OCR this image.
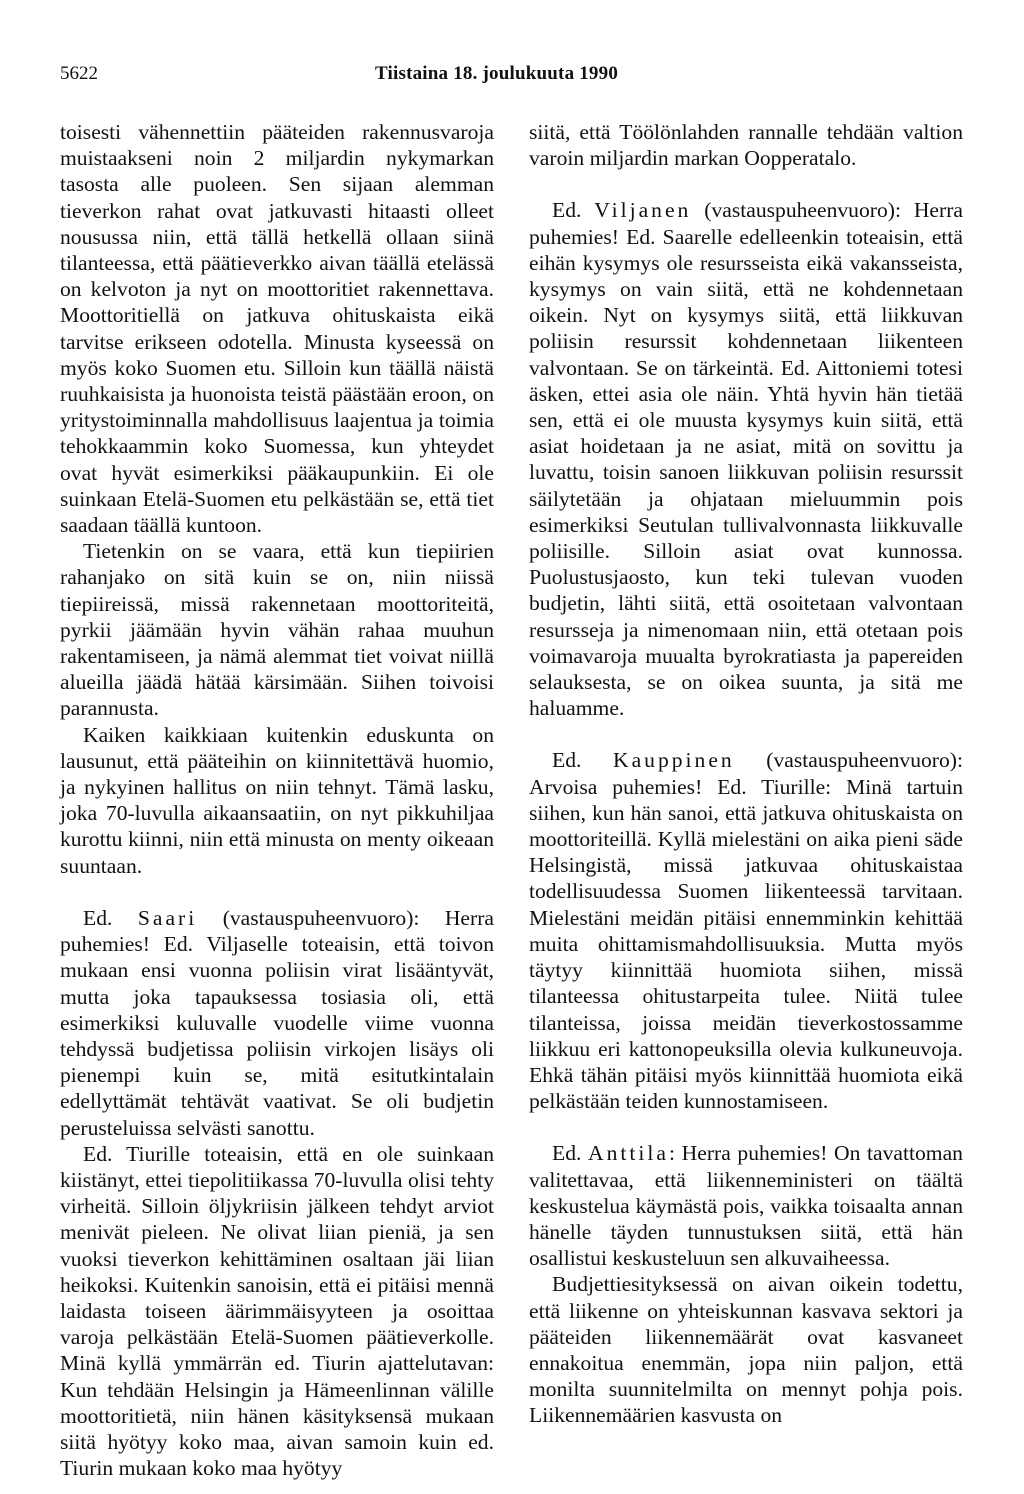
5622	Tiistaina 18. joulukuuta 1990

toisesti vähennettiin pääteiden rakennusvaroja muistaakseni noin 2 miljardin nykymarkan tasosta alle puoleen. Sen sijaan alemman tieverkon rahat ovat jatkuvasti hitaasti olleet nousussa niin, että tällä hetkellä ollaan siinä tilanteessa, että päätieverkko aivan täällä etelässä on kelvoton ja nyt on moottoritiet rakennettava. Moottoritiellä on jatkuva ohituskaista eikä tarvitse erikseen odotella. Minusta kyseessä on myös koko Suomen etu. Silloin kun täällä näistä ruuhkaisista ja huonoista teistä päästään eroon, on yritystoiminnalla mahdollisuus laajentua ja toimia tehokkaammin koko Suomessa, kun yhteydet ovat hyvät esimerkiksi pääkaupunkiin. Ei ole suinkaan Etelä-Suomen etu pelkästään se, että tiet saadaan täällä kuntoon.

Tietenkin on se vaara, että kun tiepiirien rahanjako on sitä kuin se on, niin niissä tiepiireissä, missä rakennetaan moottoriteitä, pyrkii jäämään hyvin vähän rahaa muuhun rakentamiseen, ja nämä alemmat tiet voivat niillä alueilla jäädä hätää kärsimään. Siihen toivoisi parannusta.

Kaiken kaikkiaan kuitenkin eduskunta on lausunut, että pääteihin on kiinnitettävä huomio, ja nykyinen hallitus on niin tehnyt. Tämä lasku, joka 70-luvulla aikaansaatiin, on nyt pikkuhiljaa kurottu kiinni, niin että minusta on menty oikeaan suuntaan.

Ed. Saari (vastauspuheenvuoro): Herra puhemies! Ed. Viljaselle toteaisin, että toivon mukaan ensi vuonna poliisin virat lisääntyvät, mutta joka tapauksessa tosiasia oli, että esimerkiksi kuluvalle vuodelle viime vuonna tehdyssä budjetissa poliisin virkojen lisäys oli pienempi kuin se, mitä esitutkintalain edellyttämät tehtävät vaativat. Se oli budjetin perusteluissa selvästi sanottu.

Ed. Tiurille toteaisin, että en ole suinkaan kiistänyt, ettei tiepolitiikassa 70-luvulla olisi tehty virheitä. Silloin öljykriisin jälkeen tehdyt arviot menivät pieleen. Ne olivat liian pieniä, ja sen vuoksi tieverkon kehittäminen osaltaan jäi liian heikoksi. Kuitenkin sanoisin, että ei pitäisi mennä laidasta toiseen äärimmäisyyteen ja osoittaa varoja pelkästään Etelä-Suomen päätieverkolle. Minä kyllä ymmärrän ed. Tiurin ajattelutavan: Kun tehdään Helsingin ja Hämeenlinnan välille moottoritietä, niin hänen käsityksensä mukaan siitä hyötyy koko maa, aivan samoin kuin ed. Tiurin mukaan koko maa hyötyy

siitä, että Töölönlahden rannalle tehdään valtion varoin miljardin markan Oopperatalo.

Ed. Viljanen (vastauspuheenvuoro): Herra puhemies! Ed. Saarelle edelleenkin toteaisin, että eihän kysymys ole resursseista eikä vakansseista, kysymys on vain siitä, että ne kohdennetaan oikein. Nyt on kysymys siitä, että liikkuvan poliisin resurssit kohdennetaan liikenteen valvontaan. Se on tärkeintä. Ed. Aittoniemi totesi äsken, ettei asia ole näin. Yhtä hyvin hän tietää sen, että ei ole muusta kysymys kuin siitä, että asiat hoidetaan ja ne asiat, mitä on sovittu ja luvattu, toisin sanoen liikkuvan poliisin resurssit säilytetään ja ohjataan mieluummin pois esimerkiksi Seutulan tullivalvonnasta liikkuvalle poliisille. Silloin asiat ovat kunnossa. Puolustusjaosto, kun teki tulevan vuoden budjetin, lähti siitä, että osoitetaan valvontaan resursseja ja nimenomaan niin, että otetaan pois voimavaroja muualta byrokratiasta ja papereiden selauksesta, se on oikea suunta, ja sitä me haluamme.

Ed. Kauppinen (vastauspuheenvuoro): Arvoisa puhemies! Ed. Tiurille: Minä tartuin siihen, kun hän sanoi, että jatkuva ohituskaista on moottoriteillä. Kyllä mielestäni on aika pieni säde Helsingistä, missä jatkuvaa ohituskaistaa todellisuudessa Suomen liikenteessä tarvitaan. Mielestäni meidän pitäisi ennemminkin kehittää muita ohittamismahdollisuuksia. Mutta myös täytyy kiinnittää huomiota siihen, missä tilanteessa ohitustarpeita tulee. Niitä tulee tilanteissa, joissa meidän tieverkostossamme liikkuu eri kattonopeuksilla olevia kulkuneuvoja. Ehkä tähän pitäisi myös kiinnittää huomiota eikä pelkästään teiden kunnostamiseen.

Ed. Anttila: Herra puhemies! On tavattoman valitettavaa, että liikenneministeri on täältä keskustelua käymästä pois, vaikka toisaalta annan hänelle täyden tunnustuksen siitä, että hän osallistui keskusteluun sen alkuvaiheessa.

Budjettiesityksessä on aivan oikein todettu, että liikenne on yhteiskunnan kasvava sektori ja pääteiden liikennemäärät ovat kasvaneet ennakoitua enemmän, jopa niin paljon, että monilta suunnitelmilta on mennyt pohja pois. Liikennemäärien kasvusta on
